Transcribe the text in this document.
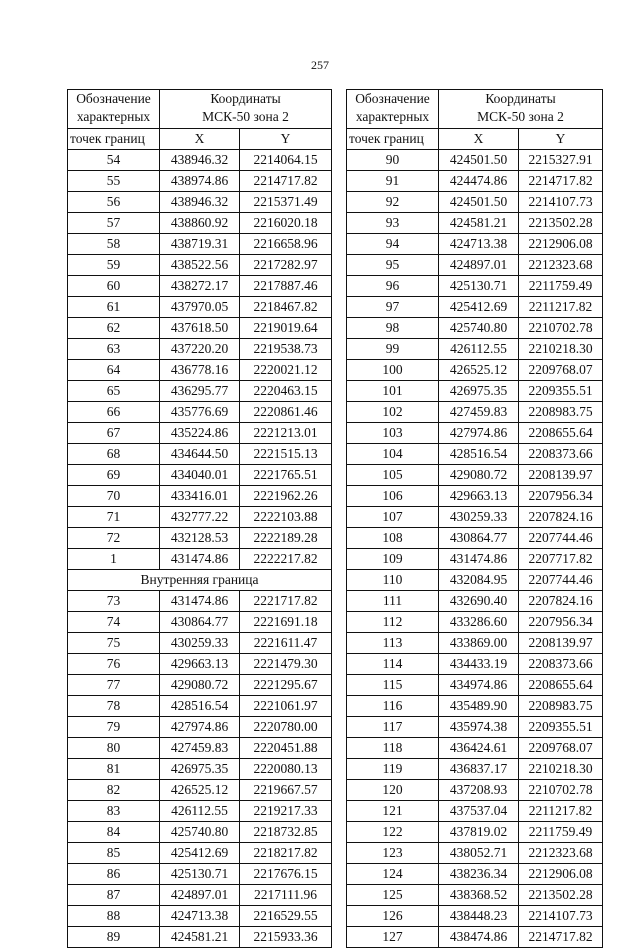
257
Обозначение
характерных	Координаты
МСК-50 зона 2	

точек границ	X	Y
54	438946.32	2214064.15
55	438974.86	2214717.82
56	438946.32	2215371.49
57	438860.92	2216020.18
58	438719.31	2216658.96
59	438522.56	2217282.97
60	438272.17	2217887.46
61	437970.05	2218467.82
62	437618.50	2219019.64
63	437220.20	2219538.73
64	436778.16	2220021.12
65	436295.77	2220463.15
66	435776.69	2220861.46
67	435224.86	2221213.01
68	434644.50	2221515.13
69	434040.01	2221765.51
70	433416.01	2221962.26
71	432777.22	2222103.88
72	432128.53	2222189.28
1	431474.86	2222217.82
Внутренняя граница		
73	431474.86	2221717.82
74	430864.77	2221691.18
75	430259.33	2221611.47
76	429663.13	2221479.30
77	429080.72	2221295.67
78	428516.54	2221061.97
79	427974.86	2220780.00
80	427459.83	2220451.88
81	426975.35	2220080.13
82	426525.12	2219667.57
83	426112.55	2219217.33
84	425740.80	2218732.85
85	425412.69	2218217.82
86	425130.71	2217676.15
87	424897.01	2217111.96
88	424713.38	2216529.55
89	424581.21	2215933.36
Обозначение
характерных	Координаты
МСК-50 зона 2	

точек границ	X	Y
90	424501.50	2215327.91
91	424474.86	2214717.82
92	424501.50	2214107.73
93	424581.21	2213502.28
94	424713.38	2212906.08
95	424897.01	2212323.68
96	425130.71	2211759.49
97	425412.69	2211217.82
98	425740.80	2210702.78
99	426112.55	2210218.30
100	426525.12	2209768.07
101	426975.35	2209355.51
102	427459.83	2208983.75
103	427974.86	2208655.64
104	428516.54	2208373.66
105	429080.72	2208139.97
106	429663.13	2207956.34
107	430259.33	2207824.16
108	430864.77	2207744.46
109	431474.86	2207717.82
110	432084.95	2207744.46
111	432690.40	2207824.16
112	433286.60	2207956.34
113	433869.00	2208139.97
114	434433.19	2208373.66
115	434974.86	2208655.64
116	435489.90	2208983.75
117	435974.38	2209355.51
118	436424.61	2209768.07
119	436837.17	2210218.30
120	437208.93	2210702.78
121	437537.04	2211217.82
122	437819.02	2211759.49
123	438052.71	2212323.68
124	438236.34	2212906.08
125	438368.52	2213502.28
126	438448.23	2214107.73
127	438474.86	2214717.82
